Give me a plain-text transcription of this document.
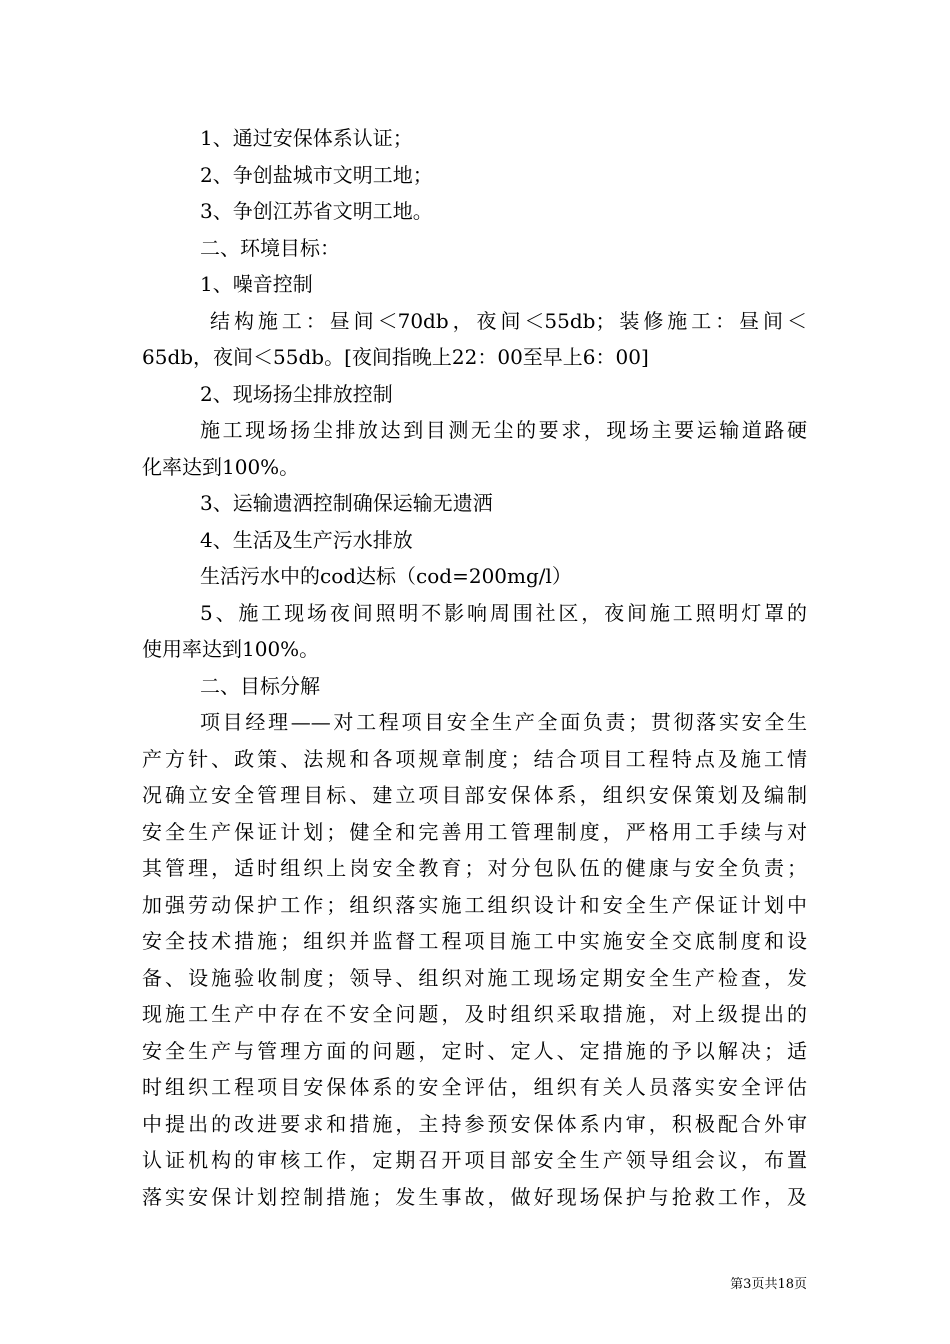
1、通过安保体系认证；

2、争创盐城市文明工地；

3、争创江苏省文明工地。

二、环境目标：

1、噪音控制

结构施工：昼间＜70db，夜间＜55db；装修施工：昼间＜

65db，夜间＜55db。[夜间指晚上22：00至早上6：00]

2、现场扬尘排放控制

施工现场扬尘排放达到目测无尘的要求，现场主要运输道路硬

化率达到100%。

3、运输遗洒控制确保运输无遗洒

4、生活及生产污水排放

生活污水中的cod达标（cod=200mg/l）

5、施工现场夜间照明不影响周围社区，夜间施工照明灯罩的

使用率达到100%。

二、目标分解

项目经理——对工程项目安全生产全面负责；贯彻落实安全生

产方针、政策、法规和各项规章制度；结合项目工程特点及施工情

况确立安全管理目标、建立项目部安保体系，组织安保策划及编制

安全生产保证计划；健全和完善用工管理制度，严格用工手续与对

其管理，适时组织上岗安全教育；对分包队伍的健康与安全负责；

加强劳动保护工作；组织落实施工组织设计和安全生产保证计划中

安全技术措施；组织并监督工程项目施工中实施安全交底制度和设

备、设施验收制度；领导、组织对施工现场定期安全生产检查，发

现施工生产中存在不安全问题，及时组织采取措施，对上级提出的

安全生产与管理方面的问题，定时、定人、定措施的予以解决；适

时组织工程项目安保体系的安全评估，组织有关人员落实安全评估

中提出的改进要求和措施，主持参预安保体系内审，积极配合外审

认证机构的审核工作，定期召开项目部安全生产领导组会议，布置

落实安保计划控制措施；发生事故，做好现场保护与抢救工作，及

第3页共18页
